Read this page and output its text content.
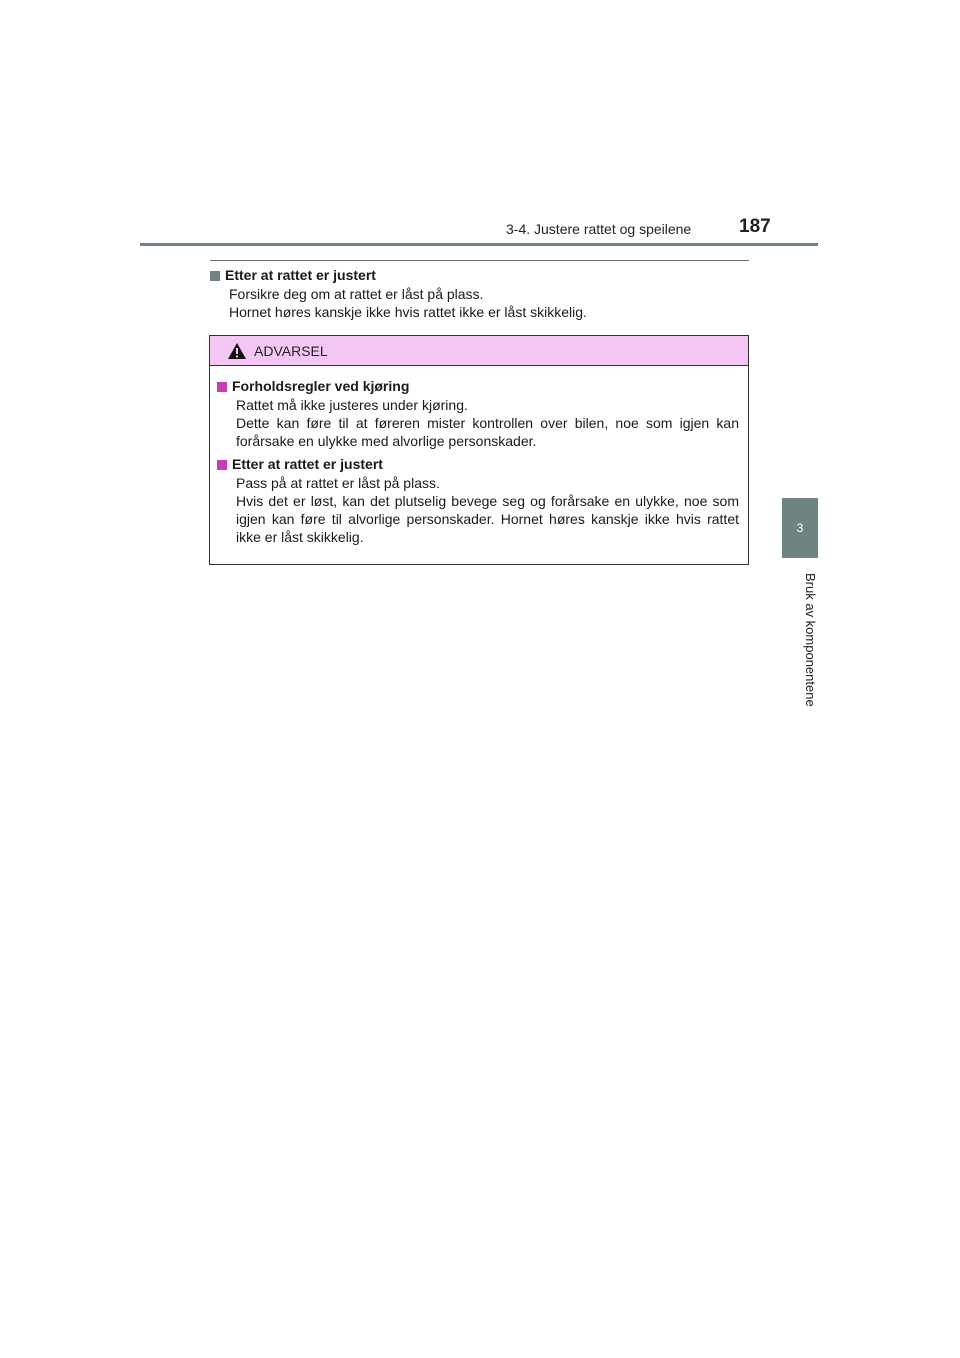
3-4. Justere rattet og speilene	187
3
Bruk av komponentene
Etter at rattet er justert
Forsikre deg om at rattet er låst på plass.
Hornet høres kanskje ikke hvis rattet ikke er låst skikkelig.
ADVARSEL
Forholdsregler ved kjøring
Rattet må ikke justeres under kjøring.
Dette kan føre til at føreren mister kontrollen over bilen, noe som igjen kan forårsake en ulykke med alvorlige personskader.
Etter at rattet er justert
Pass på at rattet er låst på plass.
Hvis det er løst, kan det plutselig bevege seg og forårsake en ulykke, noe som igjen kan føre til alvorlige personskader. Hornet høres kanskje ikke hvis rattet ikke er låst skikkelig.
